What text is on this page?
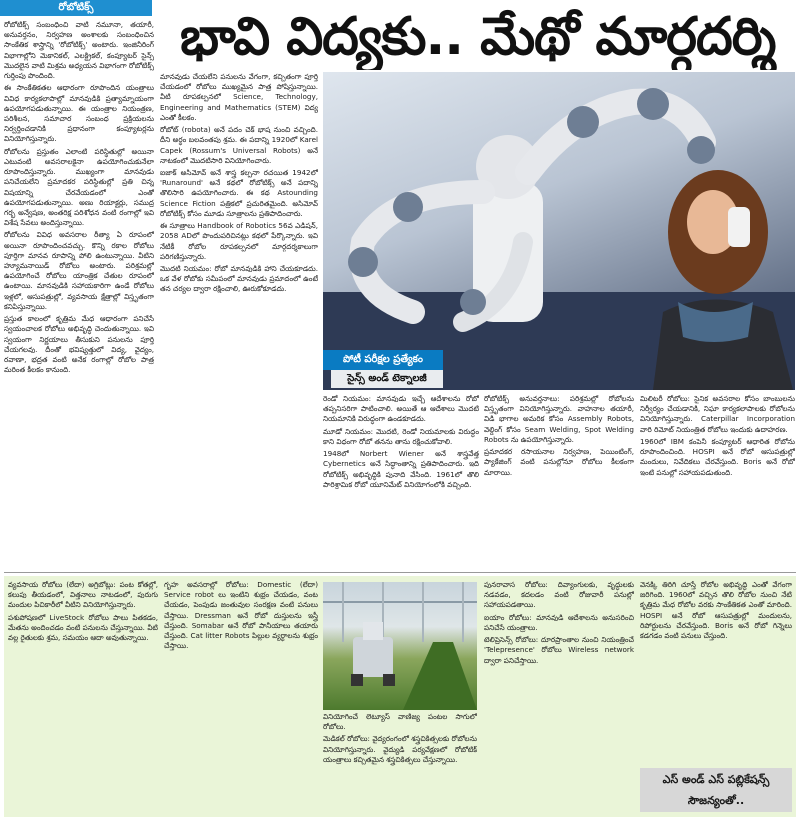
రోబోటిక్స్	భావి విద్యకు.. మేథో మార్గదర్శి

రోబోటిక్స్ సంబంధించి వాటి నమూనా, తయారీ, అనువర్తనం, నిర్వహణ అంశాలకు సంబంధించిన సాంకేతిక శాస్త్రాన్ని 'రోబోటిక్స్' అంటారు. ఇంజినీరింగ్ విభాగాల్లోని మెకానికల్, ఎలక్ట్రికల్, కంప్యూటర్ సైన్స్ మొదలైన వాటి మిశ్రమ అధ్యయన విభాగంగా రోబోటిక్స్‌ గుర్తింపు పొందింది.

ఈ సాంకేతికతల ఆధారంగా రూపొందిన యంత్రాలు వివిధ కార్యకలాపాల్లో మానవుడికి ప్రత్యామ్నాయంగా ఉపయోగపడుతున్నాయి. ఈ యంత్రాల నియంత్రణ, పరిశీలన, సమాచార సంబంధ ప్రక్రియలను నిర్వర్తించడానికి ప్రధానంగా కంప్యూటర్లను వినియోగిస్తున్నారు.

రోబోలను ప్రస్తుతం ఎలాంటి పరిస్థితుల్లో అయినా ఎటువంటి అవసరాలకైనా ఉపయోగించుకునేలా రూపొందిస్తున్నారు. ముఖ్యంగా మానవుడు పనిచేయలేని ప్రమాదకర పరిస్థితుల్లో ప్రతి చిన్న విషయాన్ని చేరవేయడంలో ఎంతో ఉపయోగపడుతున్నాయి. అణు రియాక్టర్లు, సముద్ర గర్భ అన్వేషణ, అంతరిక్ష పరిశోధన వంటి రంగాల్లో ఇవి విశేష సేవలు అందిస్తున్నాయి.

రోబోలను వివిధ అవసరాల రీత్యా ఏ రూపంలో అయినా రూపొందించవచ్చు. కొన్ని రకాల రోబోలు పూర్తిగా మానవ రూపాన్ని పోలి ఉంటున్నాయి. వీటిని హ్యూమనాయిడ్ రోబోలు అంటారు. పరిశ్రమల్లో ఉపయోగించే రోబోలు యాంత్రిక చేతుల రూపంలో ఉంటాయి. మానవుడికి సహాయకారిగా ఉండే రోబోలు ఇళ్లలో, ఆసుపత్రుల్లో, వ్యవసాయ క్షేత్రాల్లో విస్తృతంగా కనిపిస్తున్నాయి.

ప్రస్తుత కాలంలో కృత్రిమ మేధ ఆధారంగా పనిచేసే స్వయంచాలక రోబోలు అభివృద్ధి చెందుతున్నాయి. ఇవి స్వయంగా నిర్ణయాలు తీసుకుని పనులను పూర్తి చేయగలవు. దీంతో భవిష్యత్తులో విద్య, వైద్యం, రవాణా, భద్రత వంటి అనేక రంగాల్లో రోబోల పాత్ర మరింత కీలకం కానుంది.

మానవుడు చేయలేని పనులను వేగంగా, కచ్చితంగా పూర్తి చేయడంలో రోబోలు ముఖ్యమైన పాత్ర పోషిస్తున్నాయి. వీటి రూపకల్పనలో Science, Technology, Engineering and Mathematics (STEM) విద్య ఎంతో కీలకం.

రోబోట్ (robota) అనే పదం చెక్ భాష నుంచి వచ్చింది. దీని అర్థం బలవంతపు శ్రమ. ఈ పదాన్ని 1920లో Karel Capek (Rossum's Universal Robots) అనే నాటకంలో మొదటిసారి వినియోగించారు.

ఐజాక్ అసిమోవ్ అనే శాస్త్ర కల్పనా రచయిత 1942లో 'Runaround' అనే కథలో రోబోటిక్స్ అనే పదాన్ని తొలిసారి ఉపయోగించారు. ఈ కథ Astounding Science Fiction పత్రికలో ప్రచురితమైంది. అసిమోవ్ రోబోటిక్స్ కోసం మూడు సూత్రాలను ప్రతిపాదించారు.

ఈ సూత్రాలు Handbook of Robotics 56వ ఎడిషన్, 2058 ADలో పొందుపరిచినట్లు కథలో పేర్కొన్నారు. ఇవి నేటికీ రోబోల రూపకల్పనలో మార్గదర్శకాలుగా పరిగణిస్తున్నారు.

మొదటి నియమం: రోబో మానవుడికి హాని చేయకూడదు. ఒక వేళ రోబోకు సమీపంలో మానవుడు ప్రమాదంలో ఉంటే తన చర్యల ద్వారా రక్షించాలి, ఊరుకోకూడదు.

పోటీ పరీక్షల ప్రత్యేకం
సైన్స్ అండ్ టెక్నాలజీ

రెండో నియమం: మానవుడు ఇచ్చే ఆదేశాలను రోబో తప్పనిసరిగా పాటించాలి. అయితే ఆ ఆదేశాలు మొదటి నియమానికి విరుద్ధంగా ఉండకూడదు.

మూడో నియమం: మొదటి, రెండో నియమాలకు విరుద్ధం కాని విధంగా రోబో తనను తాను రక్షించుకోవాలి.

1948లో Norbert Wiener అనే శాస్త్రవేత్త Cybernetics అనే సిద్ధాంతాన్ని ప్రతిపాదించారు. ఇది రోబోటిక్స్ అభివృద్ధికి పునాది వేసింది. 1961లో తొలి పారిశ్రామిక రోబో యూనిమేట్ వినియోగంలోకి వచ్చింది.

రోబోటిక్స్ అనువర్తనాలు: పరిశ్రమల్లో రోబోలను విస్తృతంగా వినియోగిస్తున్నారు. వాహనాల తయారీ, విడి భాగాల అమరిక కోసం Assembly Robots, వెల్డింగ్ కోసం Seam Welding, Spot Welding Robots ను ఉపయోగిస్తున్నారు.

ప్రమాదకర రసాయనాల నిర్వహణ, పెయింటింగ్, ప్యాకేజింగ్ వంటి పనుల్లోనూ రోబోలు కీలకంగా మారాయి.

మిలిటరీ రోబోలు: సైనిక అవసరాల కోసం బాంబులను నిర్వీర్యం చేయడానికి, నిఘా కార్యకలాపాలకు రోబోలను వినియోగిస్తున్నారు. Caterpillar Incorporation వారి రిమోట్ నియంత్రిత రోబోలు ఇందుకు ఉదాహరణ.

1960లో IBM కంపెనీ కంప్యూటర్ ఆధారిత రోబోను రూపొందించింది. HOSPI అనే రోబో ఆసుపత్రుల్లో మందులు, నివేదికలు చేరవేస్తుంది. Boris అనే రోబో ఇంటి పనుల్లో సహాయపడుతుంది.

వ్యవసాయ రోబోలు (లేదా) అగ్రిబోట్లు: పంట కోతల్లో, కలుపు తీయడంలో, విత్తనాలు నాటడంలో, పురుగు మందుల పిచికారీలో వీటిని వినియోగిస్తున్నారు.

పశుపోషణలో LiveStock రోబోలు పాలు పితకడం, మేతను అందించడం వంటి పనులను చేస్తున్నాయి. వీటి వల్ల రైతులకు శ్రమ, సమయం ఆదా అవుతున్నాయి.

గృహ అవసరాల్లో రోబోలు: Domestic (లేదా) Service robot లు ఇంటిని శుభ్రం చేయడం, వంట చేయడం, పెంపుడు జంతువుల సంరక్షణ వంటి పనులు చేస్తాయి. Dressman అనే రోబో దుస్తులను ఇస్త్రీ చేస్తుంది. Somabar అనే రోబో పానీయాలు తయారు చేస్తుంది. Cat litter Robots పిల్లుల వ్యర్థాలను శుభ్రం చేస్తాయి.

వినియోగించే లెట్యూస్ వాణిజ్య పంటల సాగులో రోబోలు.

మెడికల్ రోబోలు: వైద్యరంగంలో శస్త్రచికిత్సలకు రోబోలను వినియోగిస్తున్నారు. వైద్యుడి పర్యవేక్షణలో రోబోటిక్ యంత్రాలు కచ్చితమైన శస్త్రచికిత్సలు చేస్తున్నాయి.

పునరావాస రోబోలు: దివ్యాంగులకు, వృద్ధులకు నడవడం, కదలడం వంటి రోజువారీ పనుల్లో సహాయపడతాయి.

ఐయాం రోబోలు: మానవుడి ఆదేశాలను అనుసరించి పనిచేసే యంత్రాలు.

టెలిప్రెసెన్స్ రోబోలు: దూరప్రాంతాల నుంచి నియంత్రించే 'Telepresence' రోబోలు Wireless network ద్వారా పనిచేస్తాయి.

వెనక్కి తిరిగి చూస్తే రోబోల అభివృద్ధి ఎంతో వేగంగా జరిగింది. 1960లో వచ్చిన తొలి రోబోల నుంచి నేటి కృత్రిమ మేధ రోబోల వరకు సాంకేతికత ఎంతో మారింది. HOSPI అనే రోబో ఆసుపత్రుల్లో మందులను, రిపోర్టులను చేరవేస్తుంది. Boris అనే రోబో గిన్నెలు కడగడం వంటి పనులు చేస్తుంది.

ఎస్ అండ్ ఎస్ పబ్లికేషన్స్ సౌజన్యంతో..
